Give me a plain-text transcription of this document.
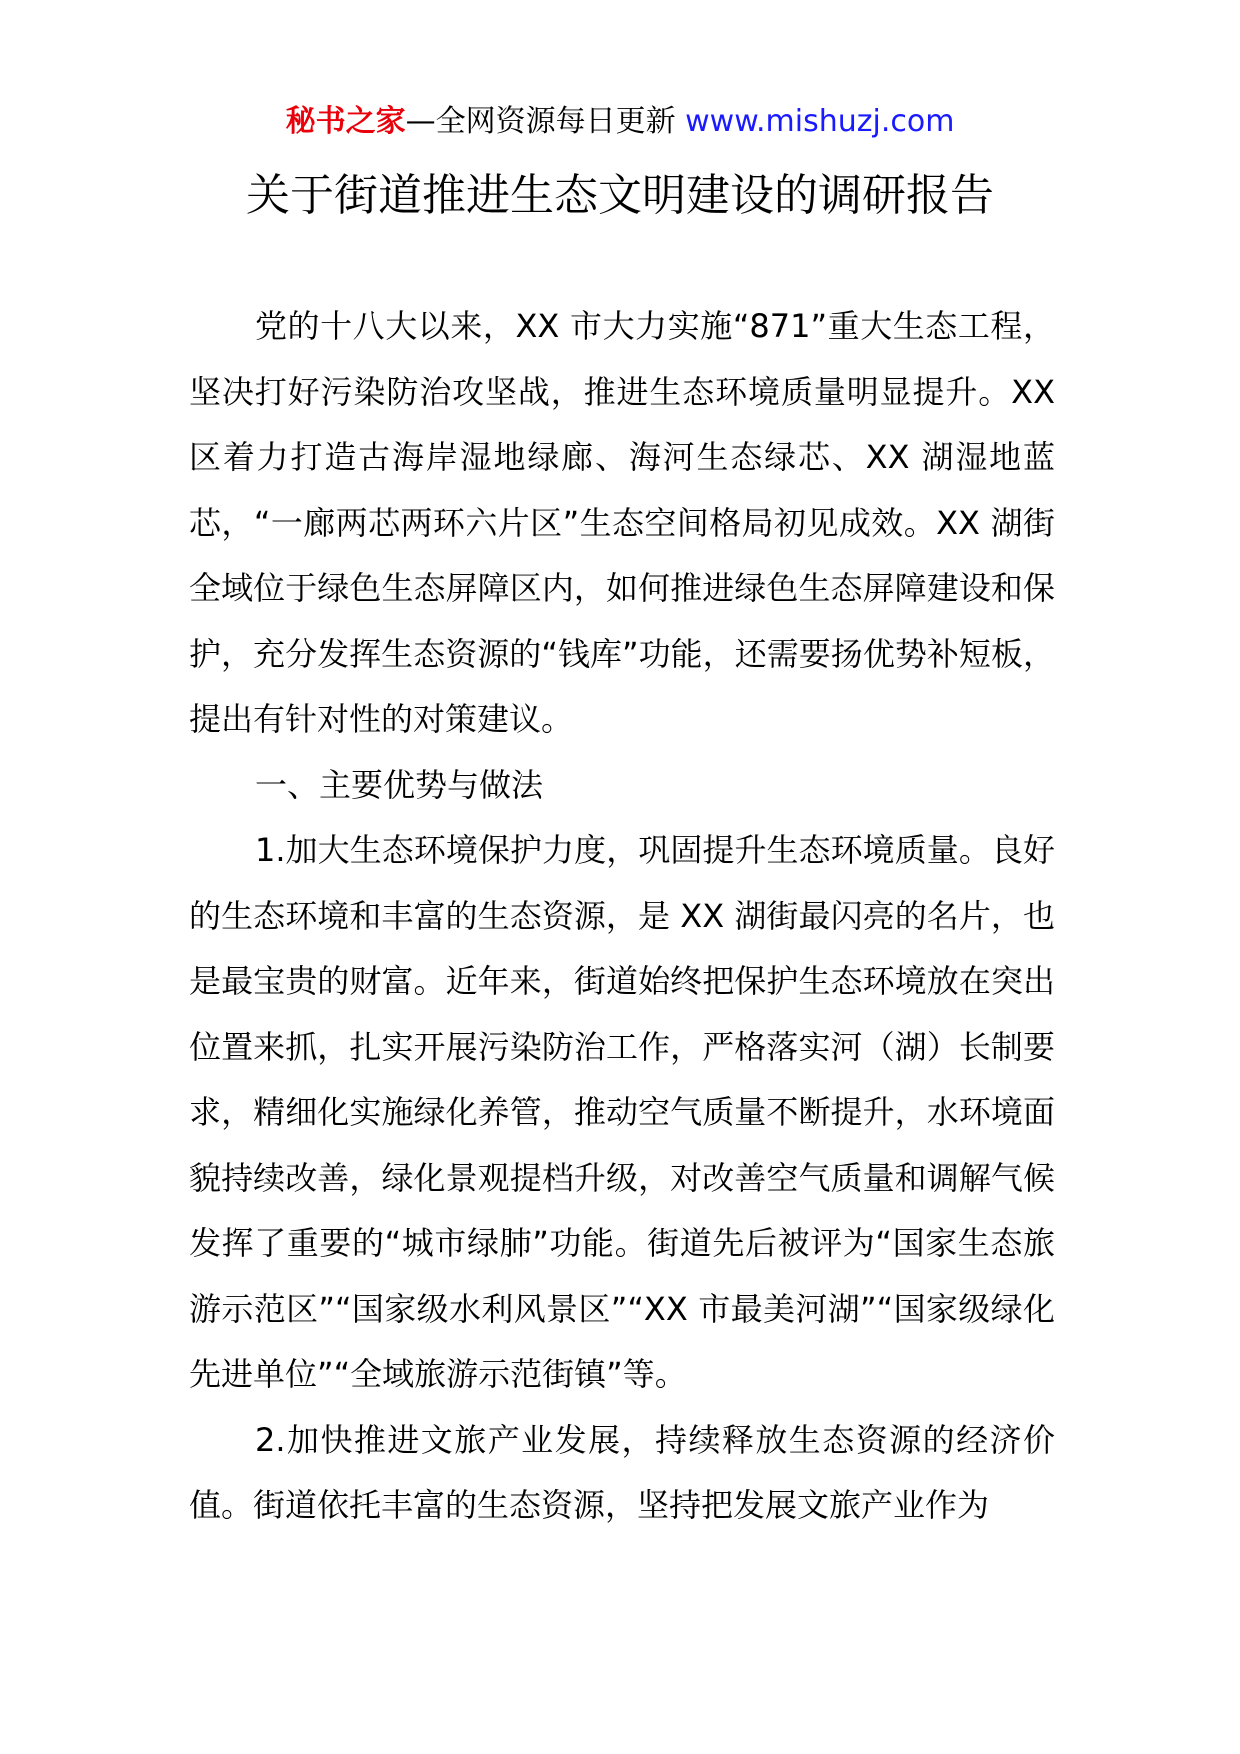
秘书之家—全网资源每日更新 www.mishuzj.com
关于街道推进生态文明建设的调研报告

党的十八大以来，XX 市大力实施“871”重大生态工程，坚决打好污染防治攻坚战，推进生态环境质量明显提升。XX 区着力打造古海岸湿地绿廊、海河生态绿芯、XX 湖湿地蓝芯，“一廊两芯两环六片区”生态空间格局初见成效。XX 湖街全域位于绿色生态屏障区内，如何推进绿色生态屏障建设和保护，充分发挥生态资源的“钱库”功能，还需要扬优势补短板，提出有针对性的对策建议。

一、主要优势与做法

1.加大生态环境保护力度，巩固提升生态环境质量。良好的生态环境和丰富的生态资源，是 XX 湖街最闪亮的名片，也是最宝贵的财富。近年来，街道始终把保护生态环境放在突出位置来抓，扎实开展污染防治工作，严格落实河（湖）长制要求，精细化实施绿化养管，推动空气质量不断提升，水环境面貌持续改善，绿化景观提档升级，对改善空气质量和调解气候发挥了重要的“城市绿肺”功能。街道先后被评为“国家生态旅游示范区”“国家级水利风景区”“XX 市最美河湖”“国家级绿化先进单位”“全域旅游示范街镇”等。

2.加快推进文旅产业发展，持续释放生态资源的经济价值。街道依托丰富的生态资源，坚持把发展文旅产业作为
